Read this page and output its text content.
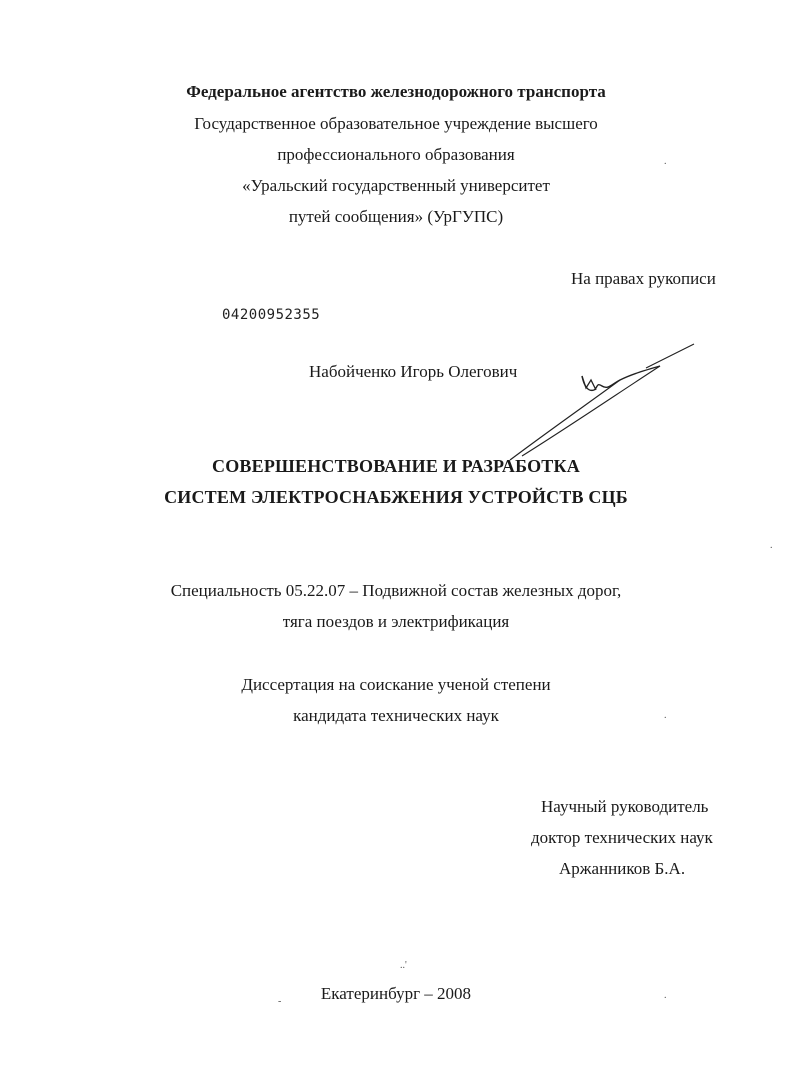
Федеральное агентство железнодорожного транспорта
Государственное образовательное учреждение высшего
профессионального образования
«Уральский государственный университет
путей сообщения» (УрГУПС)
На правах рукописи
04200952355
Набойченко Игорь Олегович
СОВЕРШЕНСТВОВАНИЕ И РАЗРАБОТКА
СИСТЕМ ЭЛЕКТРОСНАБЖЕНИЯ УСТРОЙСТВ СЦБ
Специальность 05.22.07 – Подвижной состав железных дорог,
тяга поездов и электрификация
Диссертация на соискание ученой степени
кандидата технических наук
Научный руководитель
доктор технических наук
Аржанников Б.А.
Екатеринбург – 2008
.
.
.
..'
.
-
